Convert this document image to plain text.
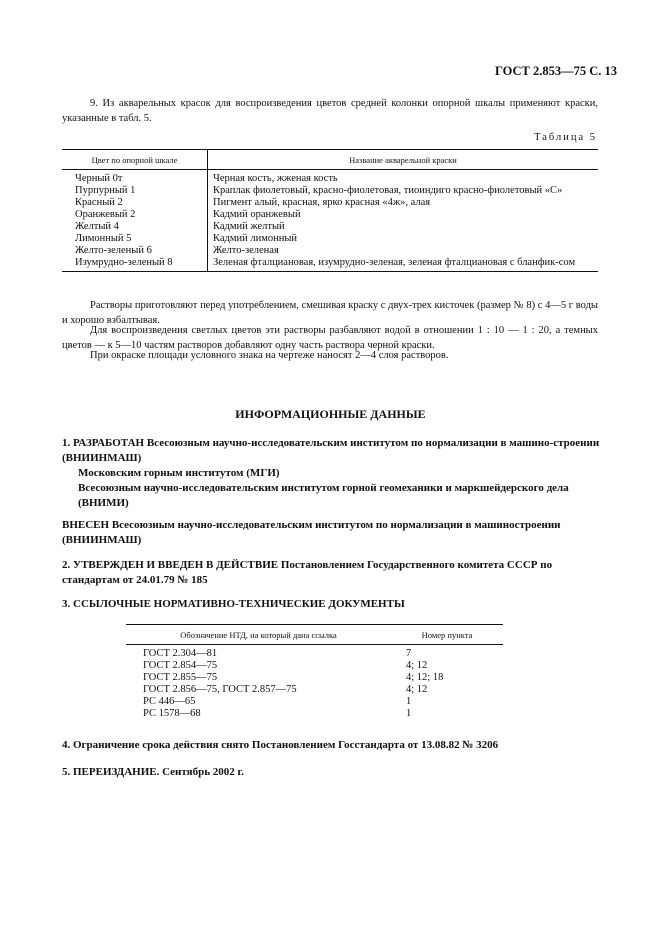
ГОСТ 2.853—75 С. 13
9. Из акварельных красок для воспроизведения цветов средней колонки опорной шкалы применяют краски, указанные в табл. 5.
Таблица 5
Цвет по опорной шкале	Название акварельной краски
Черный 0т	Черная кость, жженая кость
Пурпурный 1	Краплак фиолетовый, красно-фиолетовая, тиоиндиго красно-фиолетовый «С»
Красный 2	Пигмент алый, красная, ярко красная «4ж», алая
Оранжевый 2	Кадмий оранжевый
Желтый 4	Кадмий желтый
Лимонный 5	Кадмий лимонный
Желто-зеленый 6	Желто-зеленая
Изумрудно-зеленый 8	Зеленая фталциановая, изумрудно-зеленая, зеленая фталциановая с бланфик-сом
Растворы приготовляют перед употреблением, смешивая краску с двух-трех кисточек (размер № 8) с 4—5 г воды и хорошо взбалтывая.
Для воспроизведения светлых цветов эти растворы разбавляют водой в отношении 1 : 10 — 1 : 20, а темных цветов — к 5—10 частям растворов добавляют одну часть раствора черной краски.
При окраске площади условного знака на чертеже наносят 2—4 слоя растворов.
ИНФОРМАЦИОННЫЕ ДАННЫЕ
1. РАЗРАБОТАН Всесоюзным научно-исследовательским институтом по нормализации в машино-строении (ВНИИНМАШ)
Московским горным институтом (МГИ)
Всесоюзным научно-исследовательским институтом горной геомеханики и маркшейдерского дела (ВНИМИ)
ВНЕСЕН Всесоюзным научно-исследовательским институтом по нормализации в машиностроении (ВНИИНМАШ)
2. УТВЕРЖДЕН И ВВЕДЕН В ДЕЙСТВИЕ Постановлением Государственного комитета СССР по стандартам от 24.01.79 № 185
3. ССЫЛОЧНЫЕ НОРМАТИВНО-ТЕХНИЧЕСКИЕ ДОКУМЕНТЫ
Обозначение НТД, на который дана ссылка	Номер пункта
ГОСТ 2.304—81	7
ГОСТ 2.854—75	4; 12
ГОСТ 2.855—75	4; 12; 18
ГОСТ 2.856—75, ГОСТ 2.857—75	4; 12
РС 446—65	1
РС 1578—68	1
4. Ограничение срока действия снято Постановлением Госстандарта от 13.08.82 № 3206
5. ПЕРЕИЗДАНИЕ. Сентябрь 2002 г.
